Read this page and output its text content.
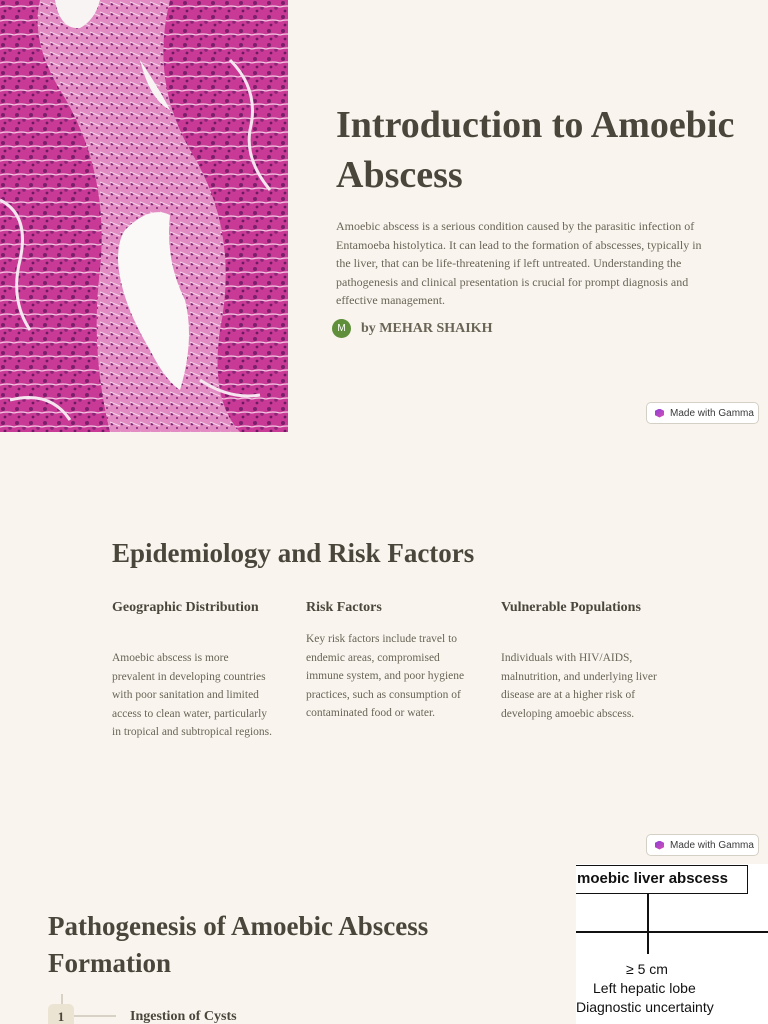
Introduction to Amoebic Abscess

Amoebic abscess is a serious condition caused by the parasitic infection of Entamoeba histolytica. It can lead to the formation of abscesses, typically in the liver, that can be life-threatening if left untreated. Understanding the pathogenesis and clinical presentation is crucial for prompt diagnosis and effective management.

M	by MEHAR SHAIKH
Made with Gamma
Epidemiology and Risk Factors
Geographic Distribution

Amoebic abscess is more prevalent in developing countries with poor sanitation and limited access to clean water, particularly in tropical and subtropical regions.

Risk Factors

Key risk factors include travel to endemic areas, compromised immune system, and poor hygiene practices, such as consumption of contaminated food or water.

Vulnerable Populations

Individuals with HIV/AIDS, malnutrition, and underlying liver disease are at a higher risk of developing amoebic abscess.

Made with Gamma
Pathogenesis of Amoebic Abscess Formation
1	Ingestion of Cysts

moebic liver abscess
≥ 5 cm
Left hepatic lobe
Diagnostic uncertainty
